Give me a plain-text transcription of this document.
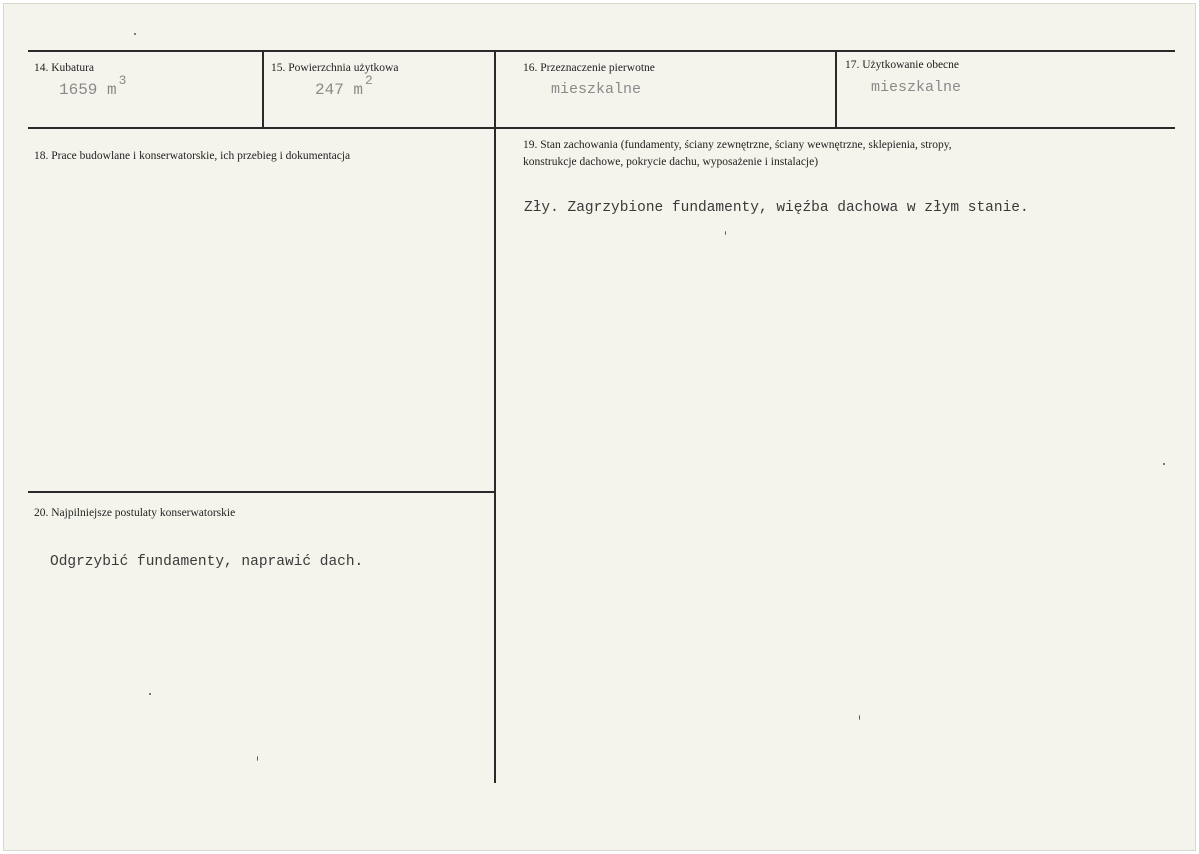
14. Kubatura
1659 $m^3$
15. Powierzchnia użytkowa
247 $m^2$
16. Przeznaczenie pierwotne
mieszkalne
17. Użytkowanie obecne
mieszkalne
18. Prace budowlane i konserwatorskie, ich przebieg i dokumentacja
19. Stan zachowania (fundamenty, ściany zewnętrzne, ściany wewnętrzne, sklepienia, stropy,
konstrukcje dachowe, pokrycie dachu, wyposażenie i instalacje)
Zły. Zagrzybione fundamenty, więźba dachowa w złym stanie.
20. Najpilniejsze postulaty konserwatorskie
Odgrzybić fundamenty, naprawić dach.
